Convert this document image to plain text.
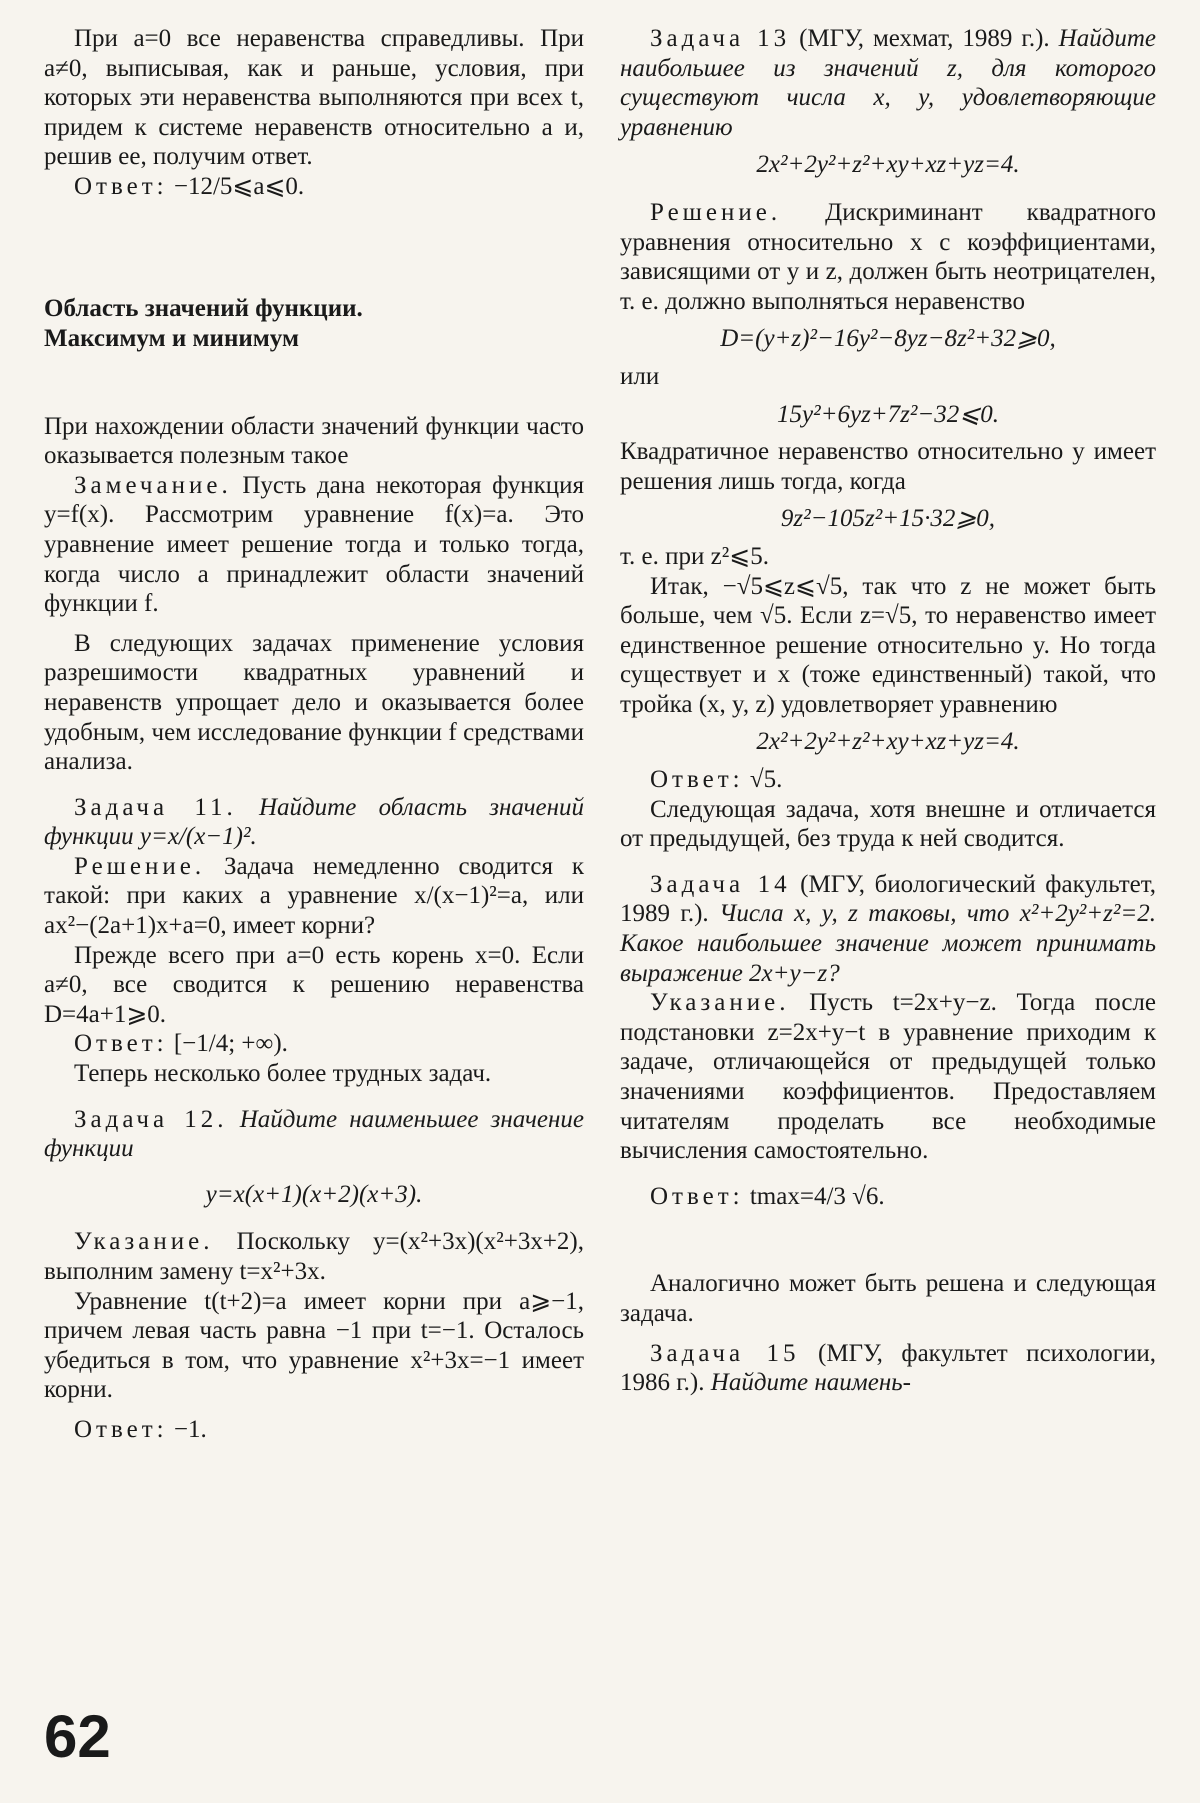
При a=0 все неравенства справедливы. При a≠0, выписывая, как и раньше, условия, при которых эти неравенства выполняются при всех t, придем к системе неравенств относительно a и, решив ее, получим ответ.

Ответ: −12/5⩽a⩽0.

Область значений функции.

Максимум и минимум

При нахождении области значений функции часто оказывается полезным такое

Замечание. Пусть дана некоторая функция y=f(x). Рассмотрим уравнение f(x)=a. Это уравнение имеет решение тогда и только тогда, когда число a принадлежит области значений функции f.

В следующих задачах применение условия разрешимости квадратных уравнений и неравенств упрощает дело и оказывается более удобным, чем исследование функции f средствами анализа.

Задача 11. Найдите область значений функции y=x/(x−1)².

Решение. Задача немедленно сводится к такой: при каких a уравнение x/(x−1)²=a, или ax²−(2a+1)x+a=0, имеет корни?

Прежде всего при a=0 есть корень x=0. Если a≠0, все сводится к решению неравенства D=4a+1⩾0.

Ответ: [−1/4; +∞).

Теперь несколько более трудных задач.

Задача 12. Найдите наименьшее значение функции

y=x(x+1)(x+2)(x+3).

Указание. Поскольку y=(x²+3x)(x²+3x+2), выполним замену t=x²+3x.

Уравнение t(t+2)=a имеет корни при a⩾−1, причем левая часть равна −1 при t=−1. Осталось убедиться в том, что уравнение x²+3x=−1 имеет корни.

Ответ: −1.

Задача 13 (МГУ, мехмат, 1989 г.). Найдите наибольшее из значений z, для которого существуют числа x, y, удовлетворяющие уравнению

2x²+2y²+z²+xy+xz+yz=4.

Решение. Дискриминант квадратного уравнения относительно x с коэффициентами, зависящими от y и z, должен быть неотрицателен, т. е. должно выполняться неравенство

D=(y+z)²−16y²−8yz−8z²+32⩾0,

или

15y²+6yz+7z²−32⩽0.

Квадратичное неравенство относительно y имеет решения лишь тогда, когда

9z²−105z²+15·32⩾0,

т. е. при z²⩽5.

Итак, −√5⩽z⩽√5, так что z не может быть больше, чем √5. Если z=√5, то неравенство имеет единственное решение относительно y. Но тогда существует и x (тоже единственный) такой, что тройка (x, y, z) удовлетворяет уравнению

2x²+2y²+z²+xy+xz+yz=4.

Ответ: √5.

Следующая задача, хотя внешне и отличается от предыдущей, без труда к ней сводится.

Задача 14 (МГУ, биологический факультет, 1989 г.). Числа x, y, z таковы, что x²+2y²+z²=2. Какое наибольшее значение может принимать выражение 2x+y−z?

Указание. Пусть t=2x+y−z. Тогда после подстановки z=2x+y−t в уравнение приходим к задаче, отличающейся от предыдущей только значениями коэффициентов. Предоставляем читателям проделать все необходимые вычисления самостоятельно.

Ответ: tmax=4/3 √6.

Аналогично может быть решена и следующая задача.

Задача 15 (МГУ, факультет психологии, 1986 г.). Найдите наимень-

62
